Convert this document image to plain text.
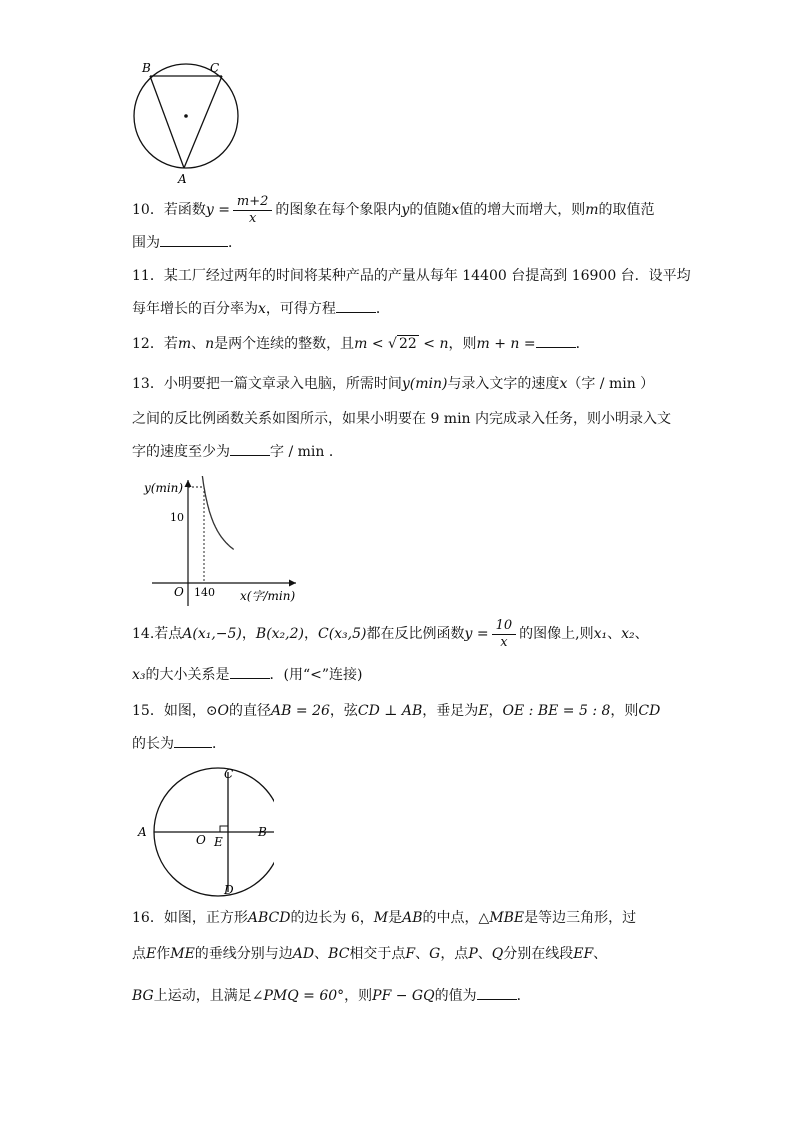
B	C
A
10．若函数$y = \frac{m+2}{x}$ 的图象在每个象限内y的值随x值的增大而增大，则m的取值范
围为	．
11．某工厂经过两年的时间将某种产品的产量从每年 14400 台提高到 16900 台．设平均
每年增长的百分率为x，可得方程	．
12．若m、n是两个连续的整数，且m < √ 22 < n，则m + n =	．
13．小明要把一篇文章录入电脑，所需时间y(min)与录入文字的速度x（字 / min ）
之间的反比例函数关系如图所示，如果小明要在 9 min 内完成录入任务，则小明录入文
字的速度至少为	字 / min ．
y(min)
x(字/min)
O
10
140
14.若点A(x₁,−5)，B(x₂,2)，C(x₃,5)都在反比例函数$y = \frac{10}{x}$ 的图像上,则x₁、x₂、
x₃的大小关系是	．(用“<”连接)
15．如图，⊙O的直径AB = 26，弦CD ⊥ AB，垂足为E，OE : BE = 5 : 8，则CD
的长为	．
C
A
O E
B
D
16．如图，正方形ABCD的边长为 6，M是AB的中点，△MBE是等边三角形，过
点E作ME的垂线分别与边AD、BC相交于点F、G，点P、Q分别在线段EF、
BG上运动，且满足∠PMQ = 60°，则PF − GQ的值为	．
